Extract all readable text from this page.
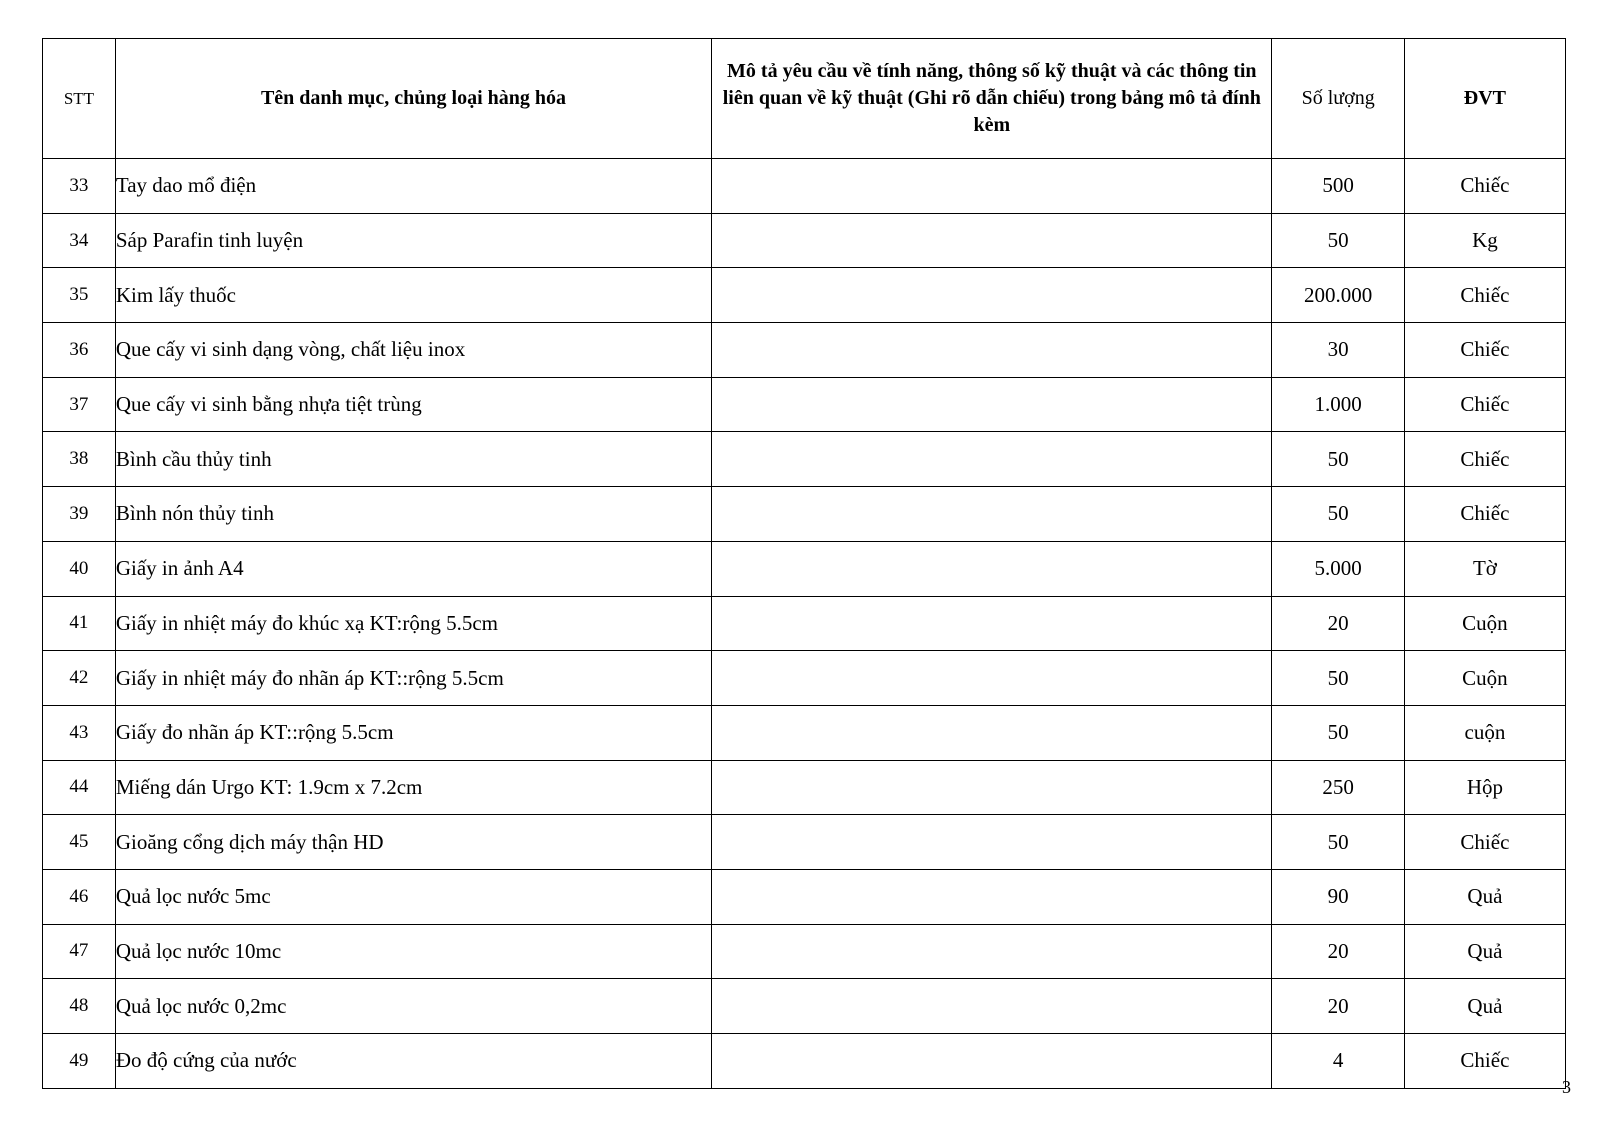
STT	Tên danh mục, chủng loại hàng hóa	Mô tả yêu cầu về tính năng, thông số kỹ thuật và các thông tin liên quan về kỹ thuật (Ghi rõ dẫn chiếu) trong bảng mô tả đính kèm	Số lượng	ĐVT
33	Tay dao mổ điện		500	Chiếc
34	Sáp Parafin tinh luyện		50	Kg
35	Kim lấy thuốc		200.000	Chiếc
36	Que cấy vi sinh dạng vòng, chất liệu inox		30	Chiếc
37	Que cấy vi sinh bằng nhựa tiệt trùng		1.000	Chiếc
38	Bình cầu thủy tinh		50	Chiếc
39	Bình nón thủy tinh		50	Chiếc
40	Giấy in ảnh A4		5.000	Tờ
41	Giấy in nhiệt máy đo khúc xạ KT:rộng 5.5cm		20	Cuộn
42	Giấy in nhiệt máy đo nhãn áp KT::rộng 5.5cm		50	Cuộn
43	Giấy đo nhãn áp KT::rộng 5.5cm		50	cuộn
44	Miếng dán Urgo KT: 1.9cm x 7.2cm		250	Hộp
45	Gioăng cổng dịch máy thận HD		50	Chiếc
46	Quả lọc nước 5mc		90	Quả
47	Quả lọc nước 10mc		20	Quả
48	Quả lọc nước 0,2mc		20	Quả
49	Đo độ cứng của nước		4	Chiếc
3
